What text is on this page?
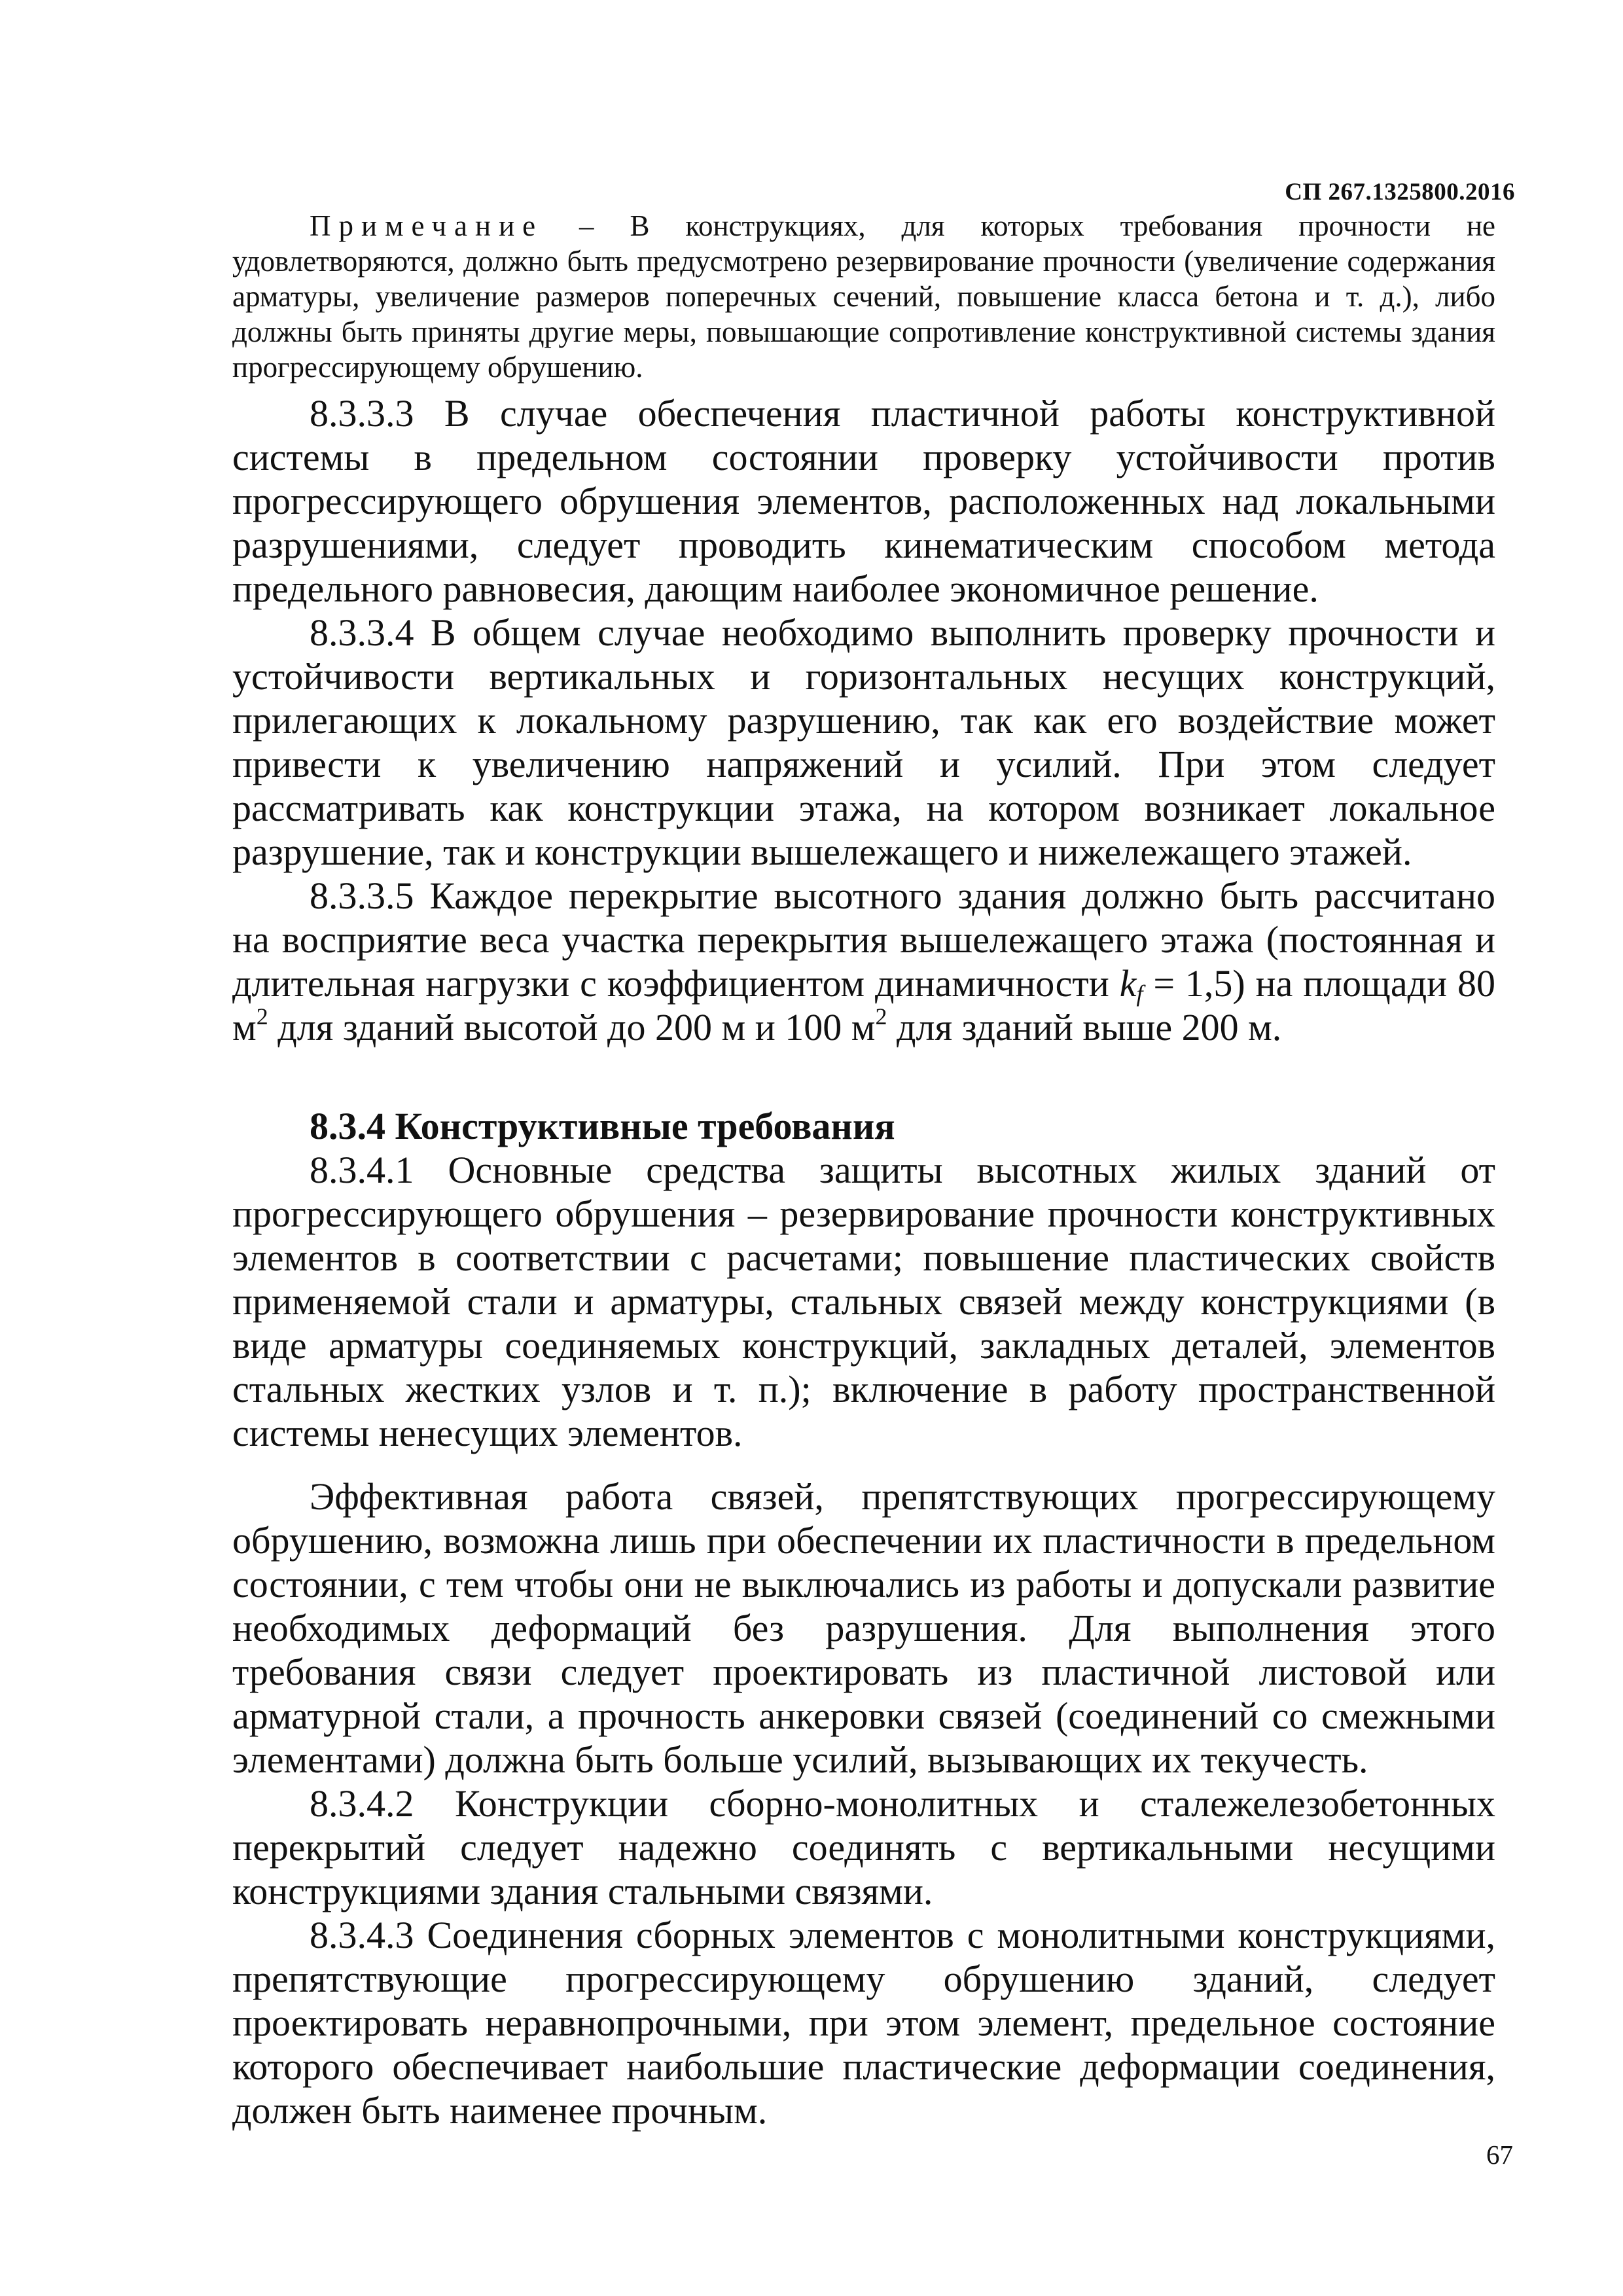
СП 267.1325800.2016

Примечание – В конструкциях, для которых требования прочности не удовлетворяются, должно быть предусмотрено резервирование прочности (увеличение содержания арматуры, увеличение размеров поперечных сечений, повышение класса бетона и т. д.), либо должны быть приняты другие меры, повышающие сопротивление конструктивной системы здания прогрессирующему обрушению.

8.3.3.3 В случае обеспечения пластичной работы конструктивной системы в предельном состоянии проверку устойчивости против прогрессирующего обрушения элементов, расположенных над локальными разрушениями, следует проводить кинематическим способом метода предельного равновесия, дающим наиболее экономичное решение.

8.3.3.4 В общем случае необходимо выполнить проверку прочности и устойчивости вертикальных и горизонтальных несущих конструкций, прилегающих к локальному разрушению, так как его воздействие может привести к увеличению напряжений и усилий. При этом следует рассматривать как конструкции этажа, на котором возникает локальное разрушение, так и конструкции вышележащего и нижележащего этажей.

8.3.3.5 Каждое перекрытие высотного здания должно быть рассчитано на восприятие веса участка перекрытия вышележащего этажа (постоянная и длительная нагрузки с коэффициентом динамичности $k_f = 1,5$) на площади 80 $м^2$ для зданий высотой до 200 м и 100 $м^2$ для зданий выше 200 м.

8.3.4 Конструктивные требования

8.3.4.1 Основные средства защиты высотных жилых зданий от прогрессирующего обрушения – резервирование прочности конструктивных элементов в соответствии с расчетами; повышение пластических свойств применяемой стали и арматуры, стальных связей между конструкциями (в виде арматуры соединяемых конструкций, закладных деталей, элементов стальных жестких узлов и т. п.); включение в работу пространственной системы ненесущих элементов.

Эффективная работа связей, препятствующих прогрессирующему обрушению, возможна лишь при обеспечении их пластичности в предельном состоянии, с тем чтобы они не выключались из работы и допускали развитие необходимых деформаций без разрушения. Для выполнения этого требования связи следует проектировать из пластичной листовой или арматурной стали, а прочность анкеровки связей (соединений со смежными элементами) должна быть больше усилий, вызывающих их текучесть.

8.3.4.2 Конструкции сборно-монолитных и сталежелезобетонных перекрытий следует надежно соединять с вертикальными несущими конструкциями здания стальными связями.

8.3.4.3 Соединения сборных элементов с монолитными конструкциями, препятствующие прогрессирующему обрушению зданий, следует проектировать неравнопрочными, при этом элемент, предельное состояние которого обеспечивает наибольшие пластические деформации соединения, должен быть наименее прочным.

67
